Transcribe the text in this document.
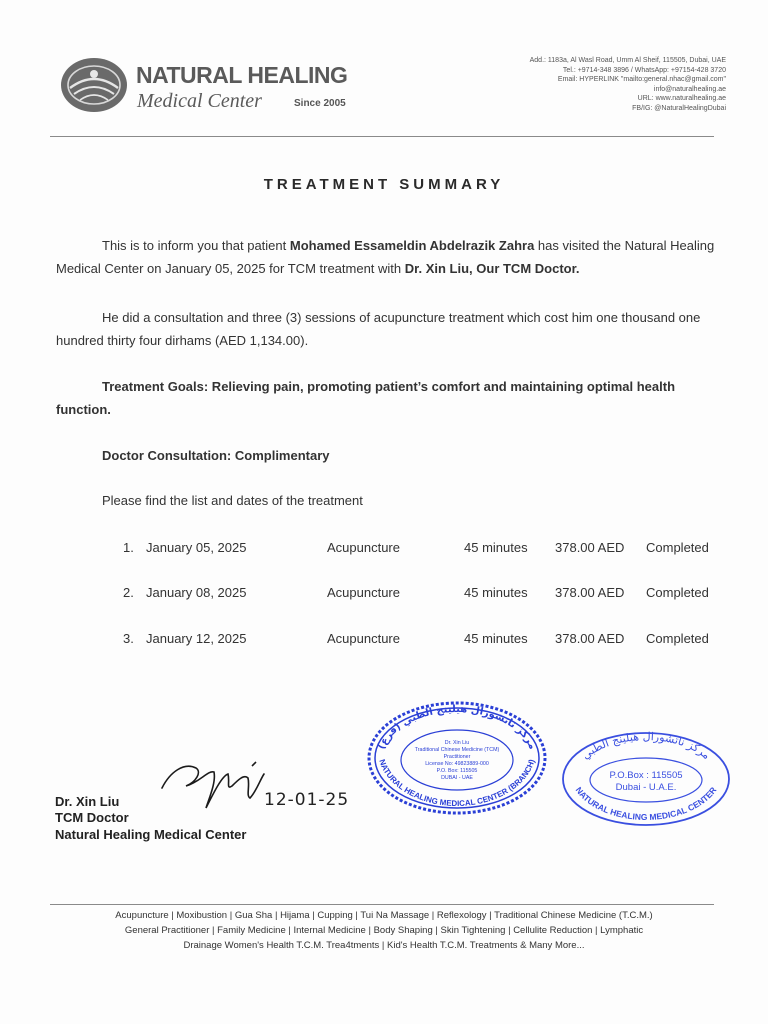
NATURAL HEALING
Medical Center	Since 2005
Add.: 1183a, Al Wasl Road, Umm Al Sheif, 115505, Dubai, UAE
Tel.: +9714-348 3896 / WhatsApp: +97154-428 3720
Email: HYPERLINK "mailto:general.nhac@gmail.com"
info@naturalhealing.ae
URL: www.naturalhealing.ae
FB/IG: @NaturalHealingDubai
TREATMENT SUMMARY
This is to inform you that patient Mohamed Essameldin Abdelrazik Zahra has visited the Natural Healing Medical Center on January 05, 2025 for TCM treatment with Dr. Xin Liu, Our TCM Doctor.
He did a consultation and three (3) sessions of acupuncture treatment which cost him one thousand one hundred thirty four dirhams (AED 1,134.00).
Treatment Goals: Relieving pain, promoting patient’s comfort and maintaining optimal health function.
Doctor Consultation: Complimentary
Please find the list and dates of the treatment
1. January 05, 2025	Acupuncture	45 minutes 378.00 AED Completed
2. January 08, 2025	Acupuncture	45 minutes 378.00 AED Completed
3. January 12, 2025	Acupuncture	45 minutes 378.00 AED Completed
مركز ناتشورال هيلينج الطبي (فرع)
NATURAL HEALING MEDICAL CENTER (BRANCH)
Dr. Xin Liu
Traditional Chinese Medicine (TCM)
Practitioner
License No: 49823889-000
P.O. Box: 115505
DUBAI - UAE
مركز ناتشورال هيلينج الطبي
NATURAL HEALING MEDICAL CENTER
P.O.Box : 115505
Dubai - U.A.E.
12-01-25
Dr. Xin Liu
TCM Doctor
Natural Healing Medical Center
Acupuncture | Moxibustion | Gua Sha | Hijama | Cupping | Tui Na Massage | Reflexology | Traditional Chinese Medicine (T.C.M.)
General Practitioner | Family Medicine | Internal Medicine | Body Shaping | Skin Tightening | Cellulite Reduction | Lymphatic
Drainage Women's Health T.C.M. Trea4tments | Kid's Health T.C.M. Treatments & Many More...
